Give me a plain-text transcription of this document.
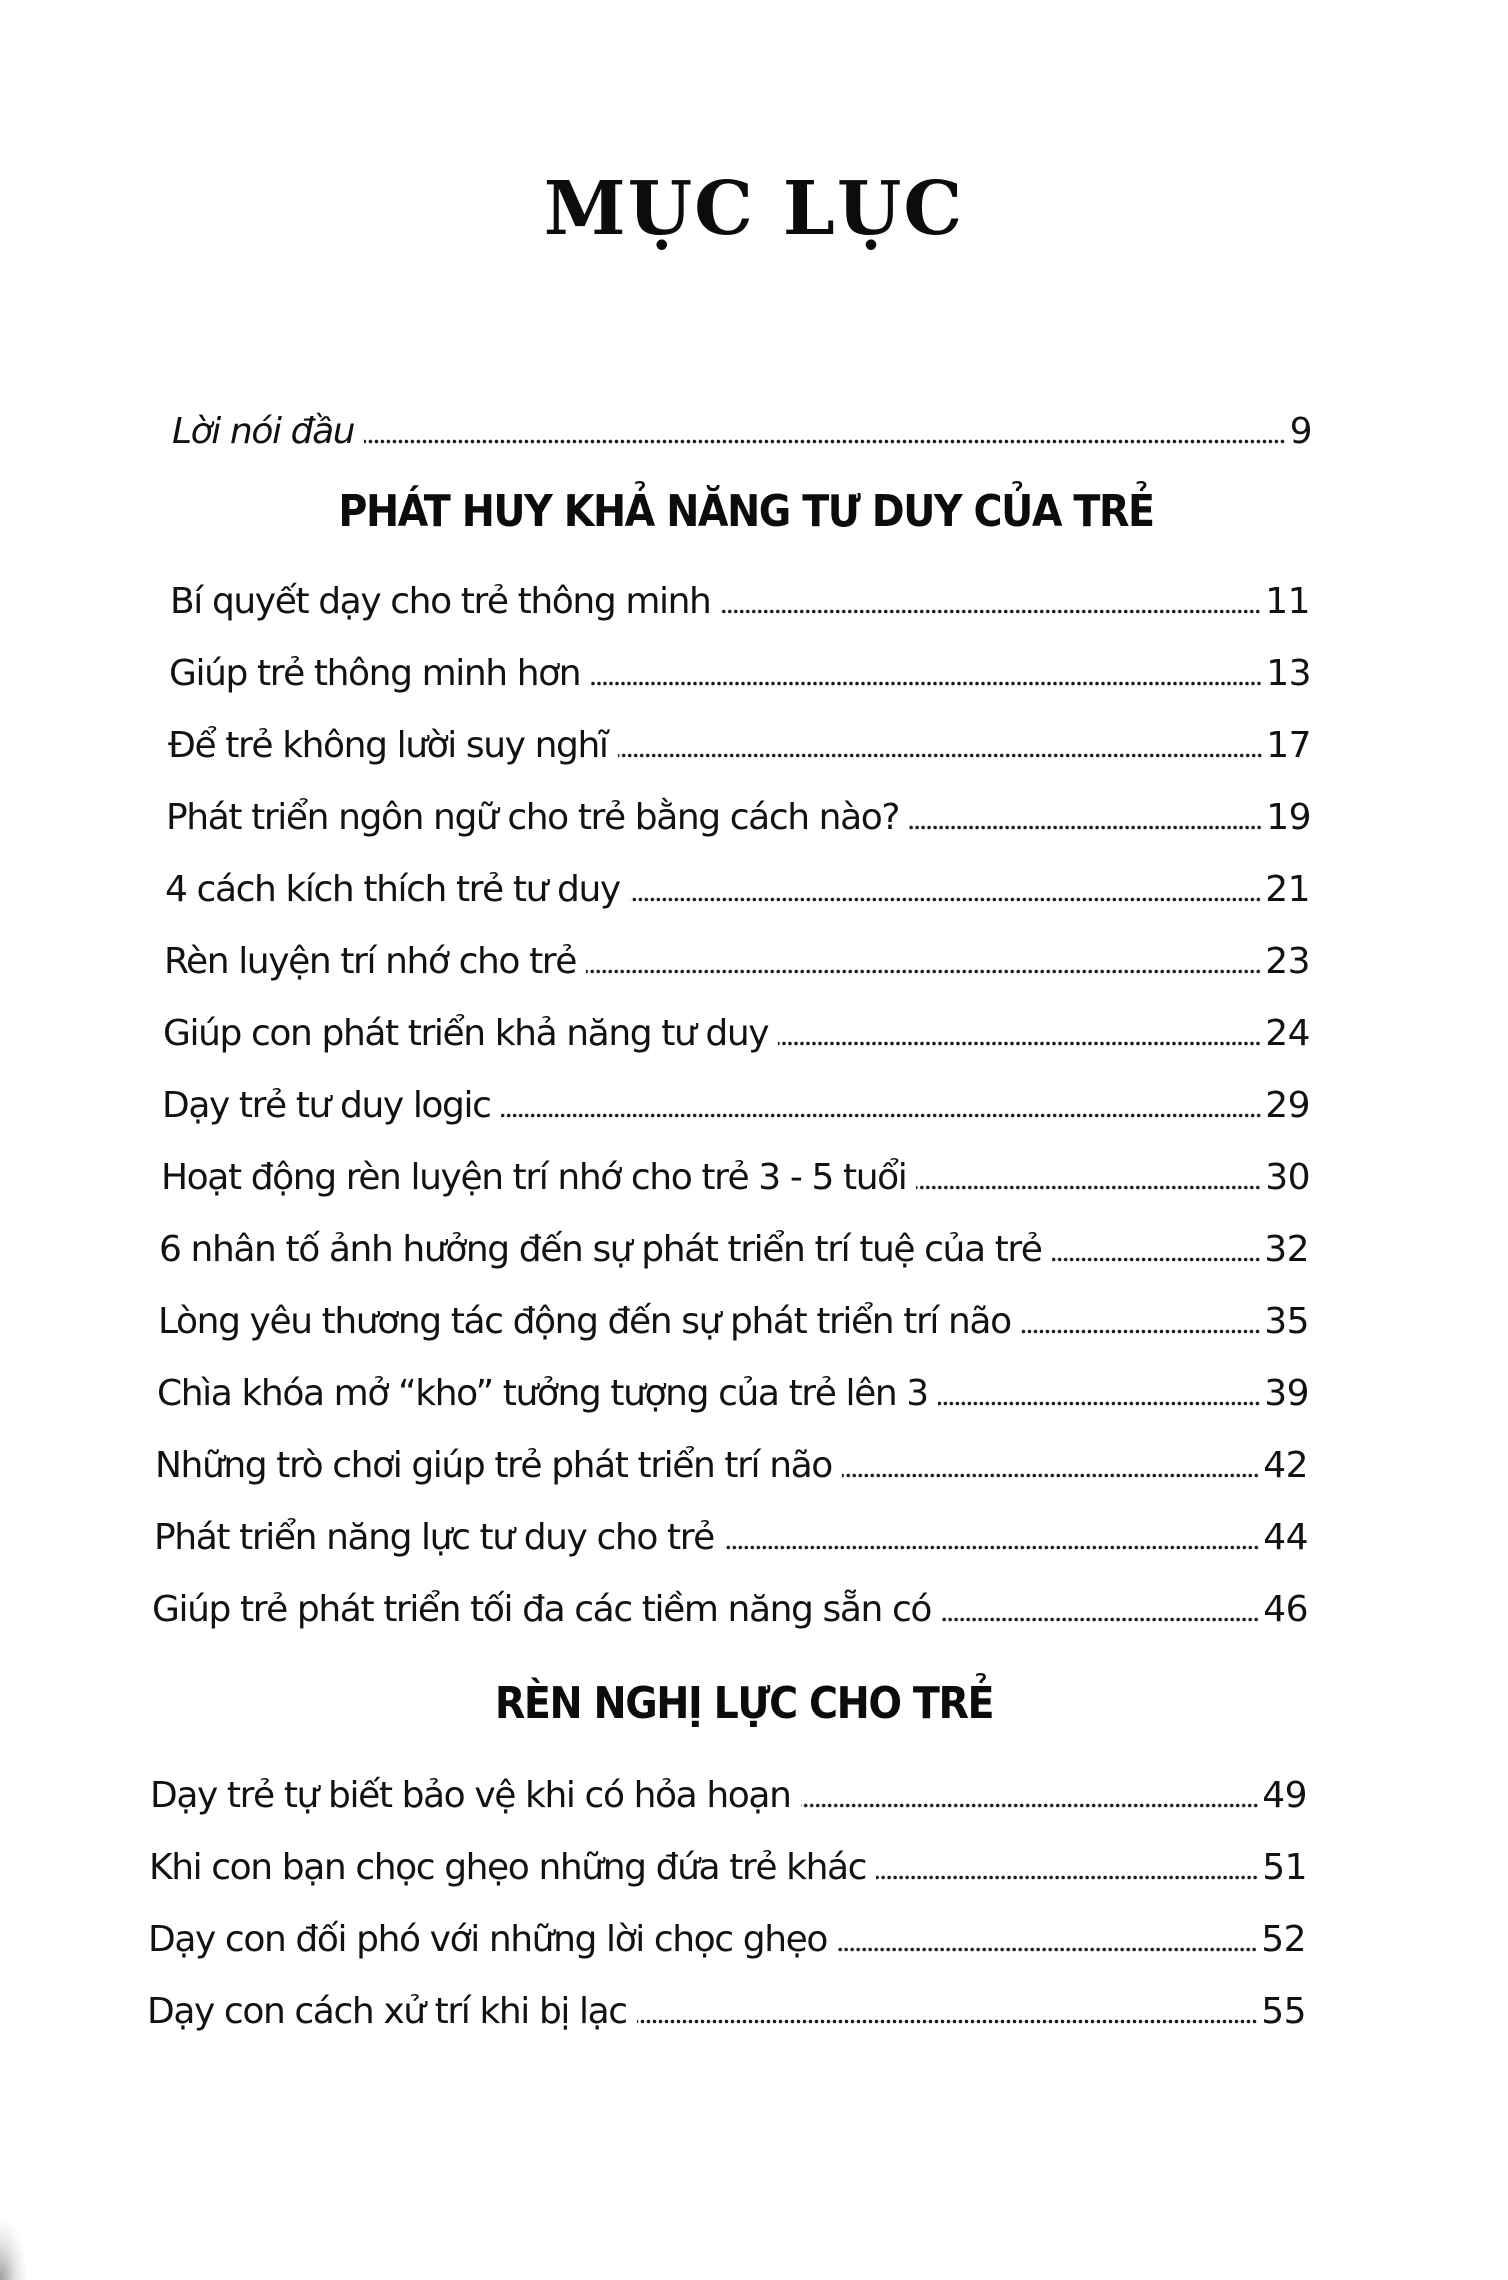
MỤC LỤC
Lời nói đầu	9
PHÁT HUY KHẢ NĂNG TƯ DUY CỦA TRẺ
Bí quyết dạy cho trẻ thông minh	11
Giúp trẻ thông minh hơn	13
Để trẻ không lười suy nghĩ	17
Phát triển ngôn ngữ cho trẻ bằng cách nào?	19
4 cách kích thích trẻ tư duy	21
Rèn luyện trí nhớ cho trẻ	23
Giúp con phát triển khả năng tư duy	24
Dạy trẻ tư duy logic	29
Hoạt động rèn luyện trí nhớ cho trẻ 3 - 5 tuổi	30
6 nhân tố ảnh hưởng đến sự phát triển trí tuệ của trẻ	32
Lòng yêu thương tác động đến sự phát triển trí não	35
Chìa khóa mở “kho” tưởng tượng của trẻ lên 3	39
Những trò chơi giúp trẻ phát triển trí não	42
Phát triển năng lực tư duy cho trẻ	44
Giúp trẻ phát triển tối đa các tiềm năng sẵn có	46
RÈN NGHỊ LỰC CHO TRẺ
Dạy trẻ tự biết bảo vệ khi có hỏa hoạn	49
Khi con bạn chọc ghẹo những đứa trẻ khác	51
Dạy con đối phó với những lời chọc ghẹo	52
Dạy con cách xử trí khi bị lạc	55
